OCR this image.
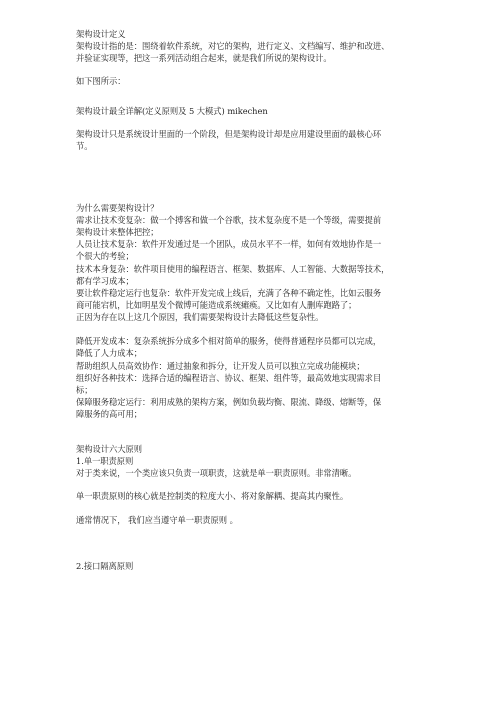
架构设计定义
架构设计指的是：围绕着软件系统，对它的架构，进行定义、文档编写、维护和改进、
并验证实现等，把这一系列活动组合起来，就是我们所说的架构设计。
如下图所示：
架构设计最全详解(定义原则及 5 大模式) mikechen
架构设计只是系统设计里面的一个阶段，但是架构设计却是应用建设里面的最核心环
节。
为什么需要架构设计？
需求让技术变复杂：做一个搏客和做一个谷歌，技术复杂度不是一个等级，需要提前
架构设计来整体把控；
人员让技术复杂：软件开发通过是一个团队，成员水平不一样，如何有效地协作是一
个很大的考验；
技术本身复杂：软件项目使用的编程语言、框架、数据库、人工智能、大数据等技术，
都有学习成本；
要让软件稳定运行也复杂：软件开发完成上线后，充满了各种不确定性，比如云服务
商可能宕机，比如明星发个微博可能造成系统瘫痪。又比如有人删库跑路了；
正因为存在以上这几个原因，我们需要架构设计去降低这些复杂性。
降低开发成本：复杂系统拆分成多个相对简单的服务，使得普通程序员都可以完成，
降低了人力成本；
帮助组织人员高效协作：通过抽象和拆分，让开发人员可以独立完成功能模块；
组织好各种技术：选择合适的编程语言、协议、框架、组件等，最高效地实现需求目
标；
保障服务稳定运行：利用成熟的架构方案，例如负载均衡、限流、降级、熔断等，保
障服务的高可用；
架构设计六大原则
1.单一职责原则
对于类来说，一个类应该只负责一项职责，这就是单一职责原则。非常清晰。
单一职责原则的核心就是控制类的粒度大小、将对象解耦、提高其内聚性。
通常情况下， 我们应当遵守单一职责原则 。
2.接口隔离原则
